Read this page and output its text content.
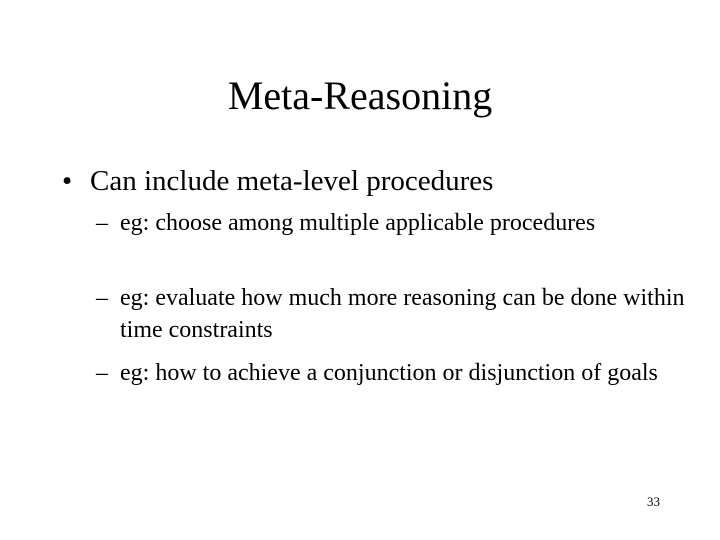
Meta-Reasoning
• Can include meta-level procedures
– eg: choose among multiple applicable procedures
– eg: evaluate how much more reasoning can be done within time constraints
– eg: how to achieve a conjunction or disjunction of goals
33
